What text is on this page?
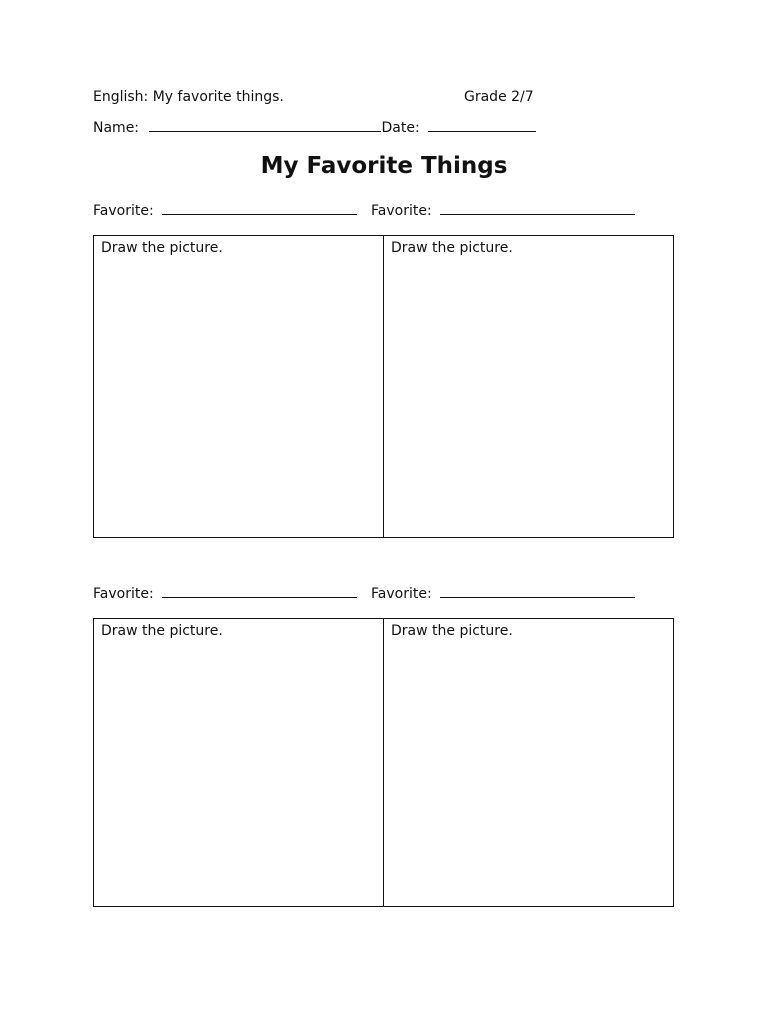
English: My favorite things.	Grade 2/7
Name:	Date:
My Favorite Things
Favorite:	Favorite:
Draw the picture.	Draw the picture.
Favorite:	Favorite:
Draw the picture.	Draw the picture.
